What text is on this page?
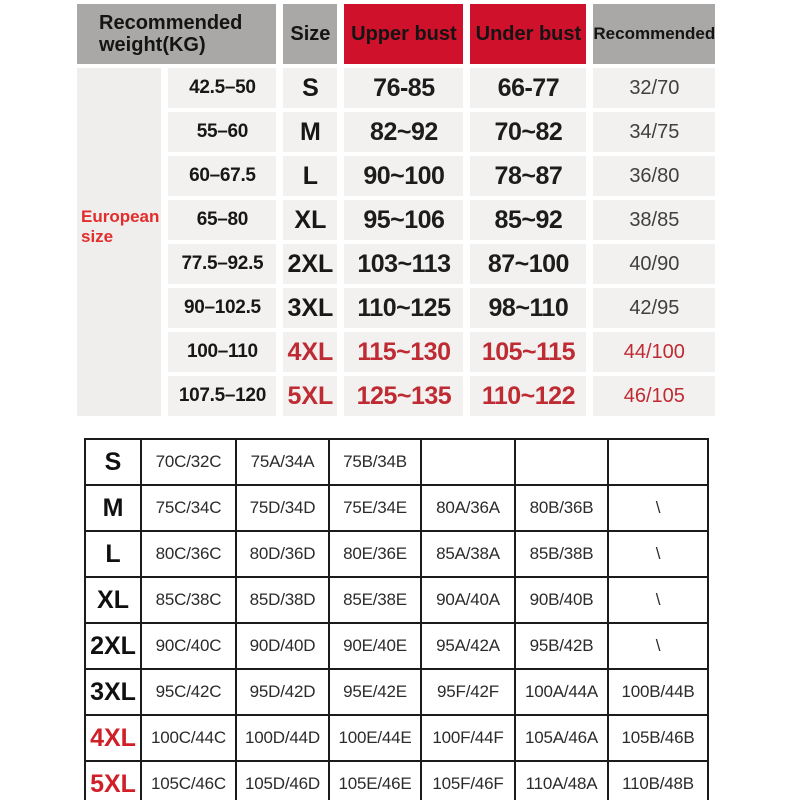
Recommended weight(KG)		Size	Upper bust	Under bust	Recommended
European size	42.5–50	S	76-85	66-77	32/70
	55–60	M	82~92	70~82	34/75
	60–67.5	L	90~100	78~87	36/80
	65–80	XL	95~106	85~92	38/85
	77.5–92.5	2XL	103~113	87~100	40/90
	90–102.5	3XL	110~125	98~110	42/95
	100–110	4XL	115~130	105~115	44/100
	107.5–120	5XL	125~135	110~122	46/105
S	70C/32C	75A/34A	75B/34B			
M	75C/34C	75D/34D	75E/34E	80A/36A	80B/36B	\
L	80C/36C	80D/36D	80E/36E	85A/38A	85B/38B	\
XL	85C/38C	85D/38D	85E/38E	90A/40A	90B/40B	\
2XL	90C/40C	90D/40D	90E/40E	95A/42A	95B/42B	\
3XL	95C/42C	95D/42D	95E/42E	95F/42F	100A/44A	100B/44B
4XL	100C/44C	100D/44D	100E/44E	100F/44F	105A/46A	105B/46B
5XL	105C/46C	105D/46D	105E/46E	105F/46F	110A/48A	110B/48B
